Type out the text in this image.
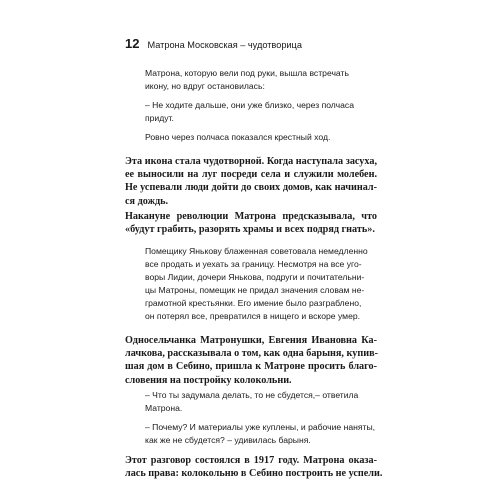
12 Матрона Московская – чудотворица

Матрона, которую вели под руки, вышла встречать
икону, но вдруг остановилась:

– Не ходите дальше, они уже близко, через полчаса
придут.

Ровно через полчаса показался крестный ход.

Эта икона стала чудотворной. Когда наступала засуха,
ее выносили на луг посреди села и служили молебен.
Не успевали люди дойти до своих домов, как начинал-
ся дождь.

Накануне революции Матрона предсказывала, что
«будут грабить, разорять храмы и всех подряд гнать».

Помещику Янькову блаженная советовала немедленно
все продать и уехать за границу. Несмотря на все уго-
воры Лидии, дочери Янькова, подруги и почитательни-
цы Матроны, помещик не придал значения словам не-
грамотной крестьянки. Его имение было разграблено,
он потерял все, превратился в нищего и вскоре умер.

Односельчанка Матронушки, Евгения Ивановна Ка-
лачкова, рассказывала о том, как одна барыня, купив-
шая дом в Себино, пришла к Матроне просить благо-
словения на постройку колокольни.

– Что ты задумала делать, то не сбудется,– ответила
Матрона.

– Почему? И материалы уже куплены, и рабочие наняты,
как же не сбудется? – удивилась барыня.

Этот разговор состоялся в 1917 году. Матрона оказа-
лась права: колокольню в Себино построить не успели.
